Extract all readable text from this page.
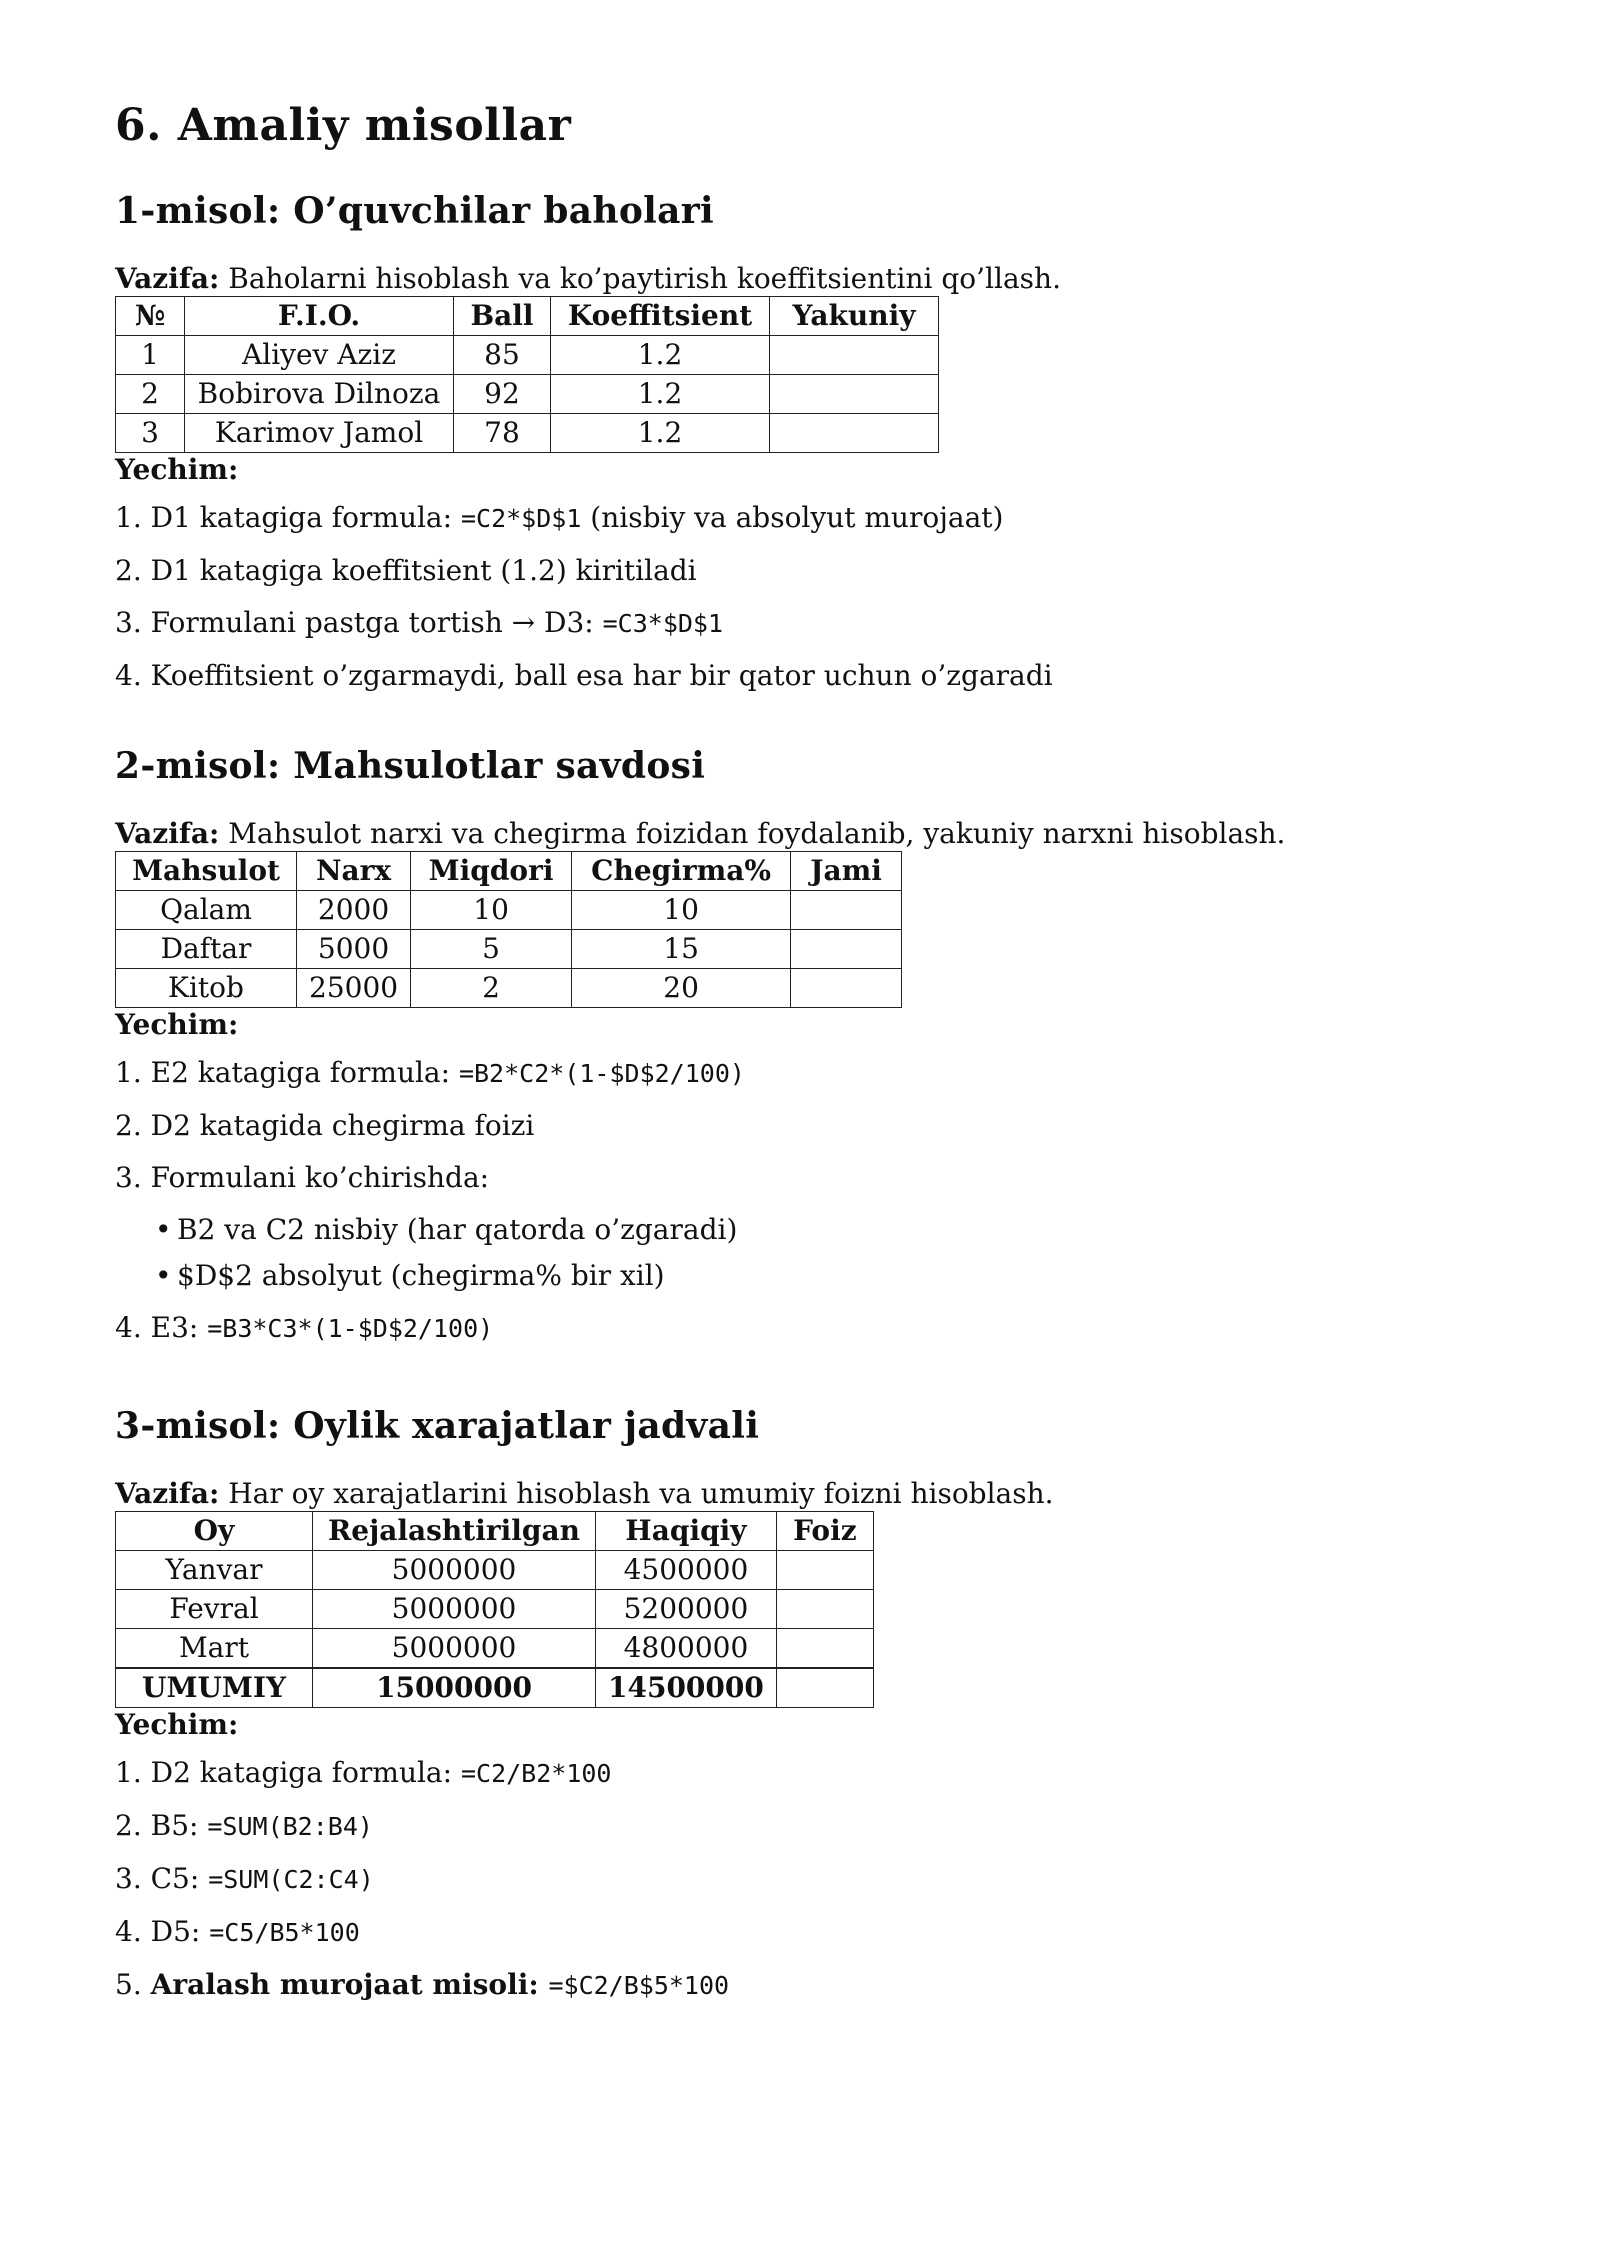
6. Amaliy misollar
1-misol: O’quvchilar baholari

Vazifa: Baholarni hisoblash va ko’paytirish koeffitsientini qo’llash.

№	F.I.O.	Ball	Koeffitsient	Yakuniy
1	Aliyev Aziz	85	1.2	
2	Bobirova Dilnoza	92	1.2	
3	Karimov Jamol	78	1.2	

Yechim:

1. D1 katagiga formula: =C2*$D$1 (nisbiy va absolyut murojaat)

2. D1 katagiga koeffitsient (1.2) kiritiladi

3. Formulani pastga tortish → D3: =C3*$D$1

4. Koeffitsient o’zgarmaydi, ball esa har bir qator uchun o’zgaradi

2-misol: Mahsulotlar savdosi

Vazifa: Mahsulot narxi va chegirma foizidan foydalanib, yakuniy narxni hisoblash.

Mahsulot	Narx	Miqdori	Chegirma%	Jami
Qalam	2000	10	10	
Daftar	5000	5	15	
Kitob	25000	2	20	

Yechim:

1. E2 katagiga formula: =B2*C2*(1-$D$2/100)

2. D2 katagida chegirma foizi

3. Formulani ko’chirishda:

• B2 va C2 nisbiy (har qatorda o’zgaradi)

• $D$2 absolyut (chegirma% bir xil)

4. E3: =B3*C3*(1-$D$2/100)

3-misol: Oylik xarajatlar jadvali

Vazifa: Har oy xarajatlarini hisoblash va umumiy foizni hisoblash.

Oy	Rejalashtirilgan	Haqiqiy	Foiz
Yanvar	5000000	4500000	
Fevral	5000000	5200000	
Mart	5000000	4800000	
UMUMIY	15000000	14500000	

Yechim:

1. D2 katagiga formula: =C2/B2*100

2. B5: =SUM(B2:B4)

3. C5: =SUM(C2:C4)

4. D5: =C5/B5*100

5. Aralash murojaat misoli: =$C2/B$5*100
